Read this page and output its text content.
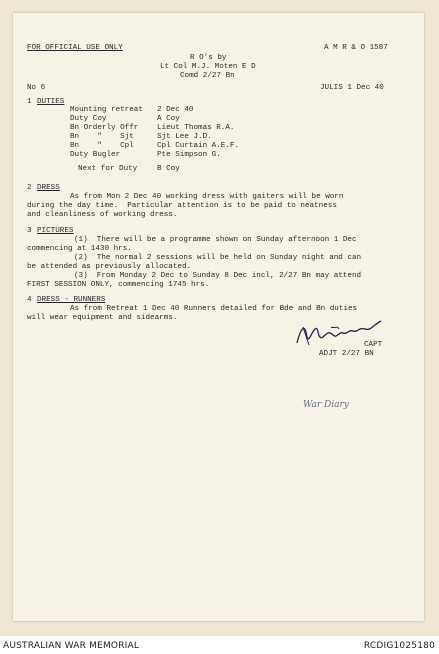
FOR OFFICIAL USE ONLY	A M R & O 1587
R O's by
Lt Col M.J. Moten E D
Comd 2/27 Bn
No 6	JULIS 1 Dec 40
1 DUTIES
Mounting retreat 2 Dec 40
Duty Coy	A Coy
Bn Orderly Offr Lieut Thomas R.A.
Bn    "    Sjt	Sjt Lee J.D.
Bn    "    Cpl	Cpl Curtain A.E.F.
Duty Bugler	Pte Simpson G.
Next for Duty	B Coy
2 DRESS
As from Mon 2 Dec 40 working dress with gaiters will be worn
during the day time.  Particular attention is to be paid to neatness
and cleanliness of working dress.
3 PICTURES
(1)  There will be a programme shown on Sunday afternoon 1 Dec
commencing at 1430 hrs.
(2)  The normal 2 sessions will be held on Sunday night and can
be attended as previously allocated.
(3)  From Monday 2 Dec to Sunday 8 Dec incl, 2/27 Bn may attend
FIRST SESSION ONLY, commencing 1745 hrs.
4 DRESS - RUNNERS
As from Retreat 1 Dec 40 Runners detailed for Bde and Bn duties
will wear equipment and sidearms.
CAPT
ADJT 2/27 BN
War Diary
AUSTRALIAN WAR MEMORIAL	RCDIG1025180
